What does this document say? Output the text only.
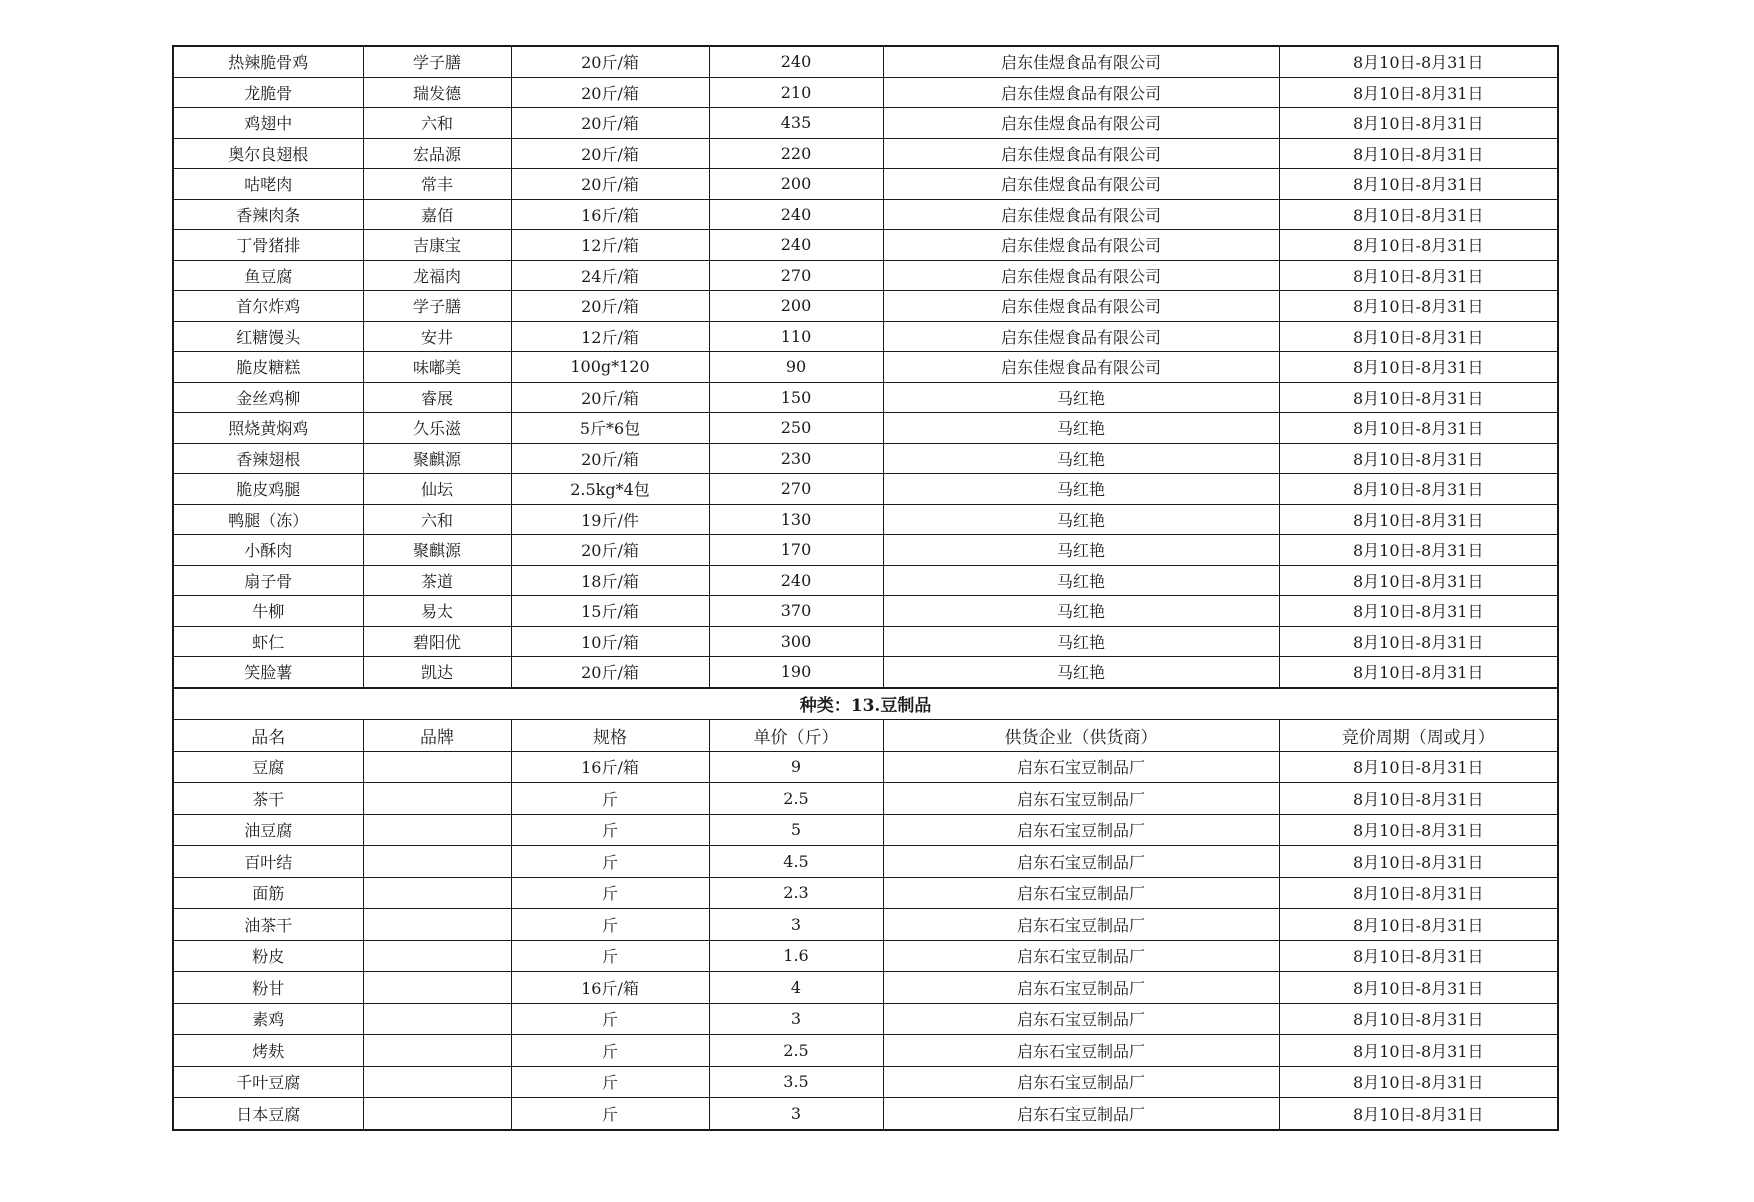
热辣脆骨鸡	学子膳	20斤/箱	240	启东佳煜食品有限公司	8月10日-8月31日
龙脆骨	瑞发德	20斤/箱	210	启东佳煜食品有限公司	8月10日-8月31日
鸡翅中	六和	20斤/箱	435	启东佳煜食品有限公司	8月10日-8月31日
奥尔良翅根	宏品源	20斤/箱	220	启东佳煜食品有限公司	8月10日-8月31日
咕咾肉	常丰	20斤/箱	200	启东佳煜食品有限公司	8月10日-8月31日
香辣肉条	嘉佰	16斤/箱	240	启东佳煜食品有限公司	8月10日-8月31日
丁骨猪排	吉康宝	12斤/箱	240	启东佳煜食品有限公司	8月10日-8月31日
鱼豆腐	龙福肉	24斤/箱	270	启东佳煜食品有限公司	8月10日-8月31日
首尔炸鸡	学子膳	20斤/箱	200	启东佳煜食品有限公司	8月10日-8月31日
红糖馒头	安井	12斤/箱	110	启东佳煜食品有限公司	8月10日-8月31日
脆皮糖糕	味嘟美	100g*120	90	启东佳煜食品有限公司	8月10日-8月31日
金丝鸡柳	睿展	20斤/箱	150	马红艳	8月10日-8月31日
照烧黄焖鸡	久乐滋	5斤*6包	250	马红艳	8月10日-8月31日
香辣翅根	聚麒源	20斤/箱	230	马红艳	8月10日-8月31日
脆皮鸡腿	仙坛	2.5kg*4包	270	马红艳	8月10日-8月31日
鸭腿（冻）	六和	19斤/件	130	马红艳	8月10日-8月31日
小酥肉	聚麒源	20斤/箱	170	马红艳	8月10日-8月31日
扇子骨	茶道	18斤/箱	240	马红艳	8月10日-8月31日
牛柳	易太	15斤/箱	370	马红艳	8月10日-8月31日
虾仁	碧阳优	10斤/箱	300	马红艳	8月10日-8月31日
笑脸薯	凯达	20斤/箱	190	马红艳	8月10日-8月31日
种类：13.豆制品					
品名	品牌	规格	单价（斤）	供货企业（供货商）	竞价周期（周或月）
豆腐		16斤/箱	9	启东石宝豆制品厂	8月10日-8月31日
茶干		斤	2.5	启东石宝豆制品厂	8月10日-8月31日
油豆腐		斤	5	启东石宝豆制品厂	8月10日-8月31日
百叶结		斤	4.5	启东石宝豆制品厂	8月10日-8月31日
面筋		斤	2.3	启东石宝豆制品厂	8月10日-8月31日
油茶干		斤	3	启东石宝豆制品厂	8月10日-8月31日
粉皮		斤	1.6	启东石宝豆制品厂	8月10日-8月31日
粉甘		16斤/箱	4	启东石宝豆制品厂	8月10日-8月31日
素鸡		斤	3	启东石宝豆制品厂	8月10日-8月31日
烤麸		斤	2.5	启东石宝豆制品厂	8月10日-8月31日
千叶豆腐		斤	3.5	启东石宝豆制品厂	8月10日-8月31日
日本豆腐		斤	3	启东石宝豆制品厂	8月10日-8月31日
